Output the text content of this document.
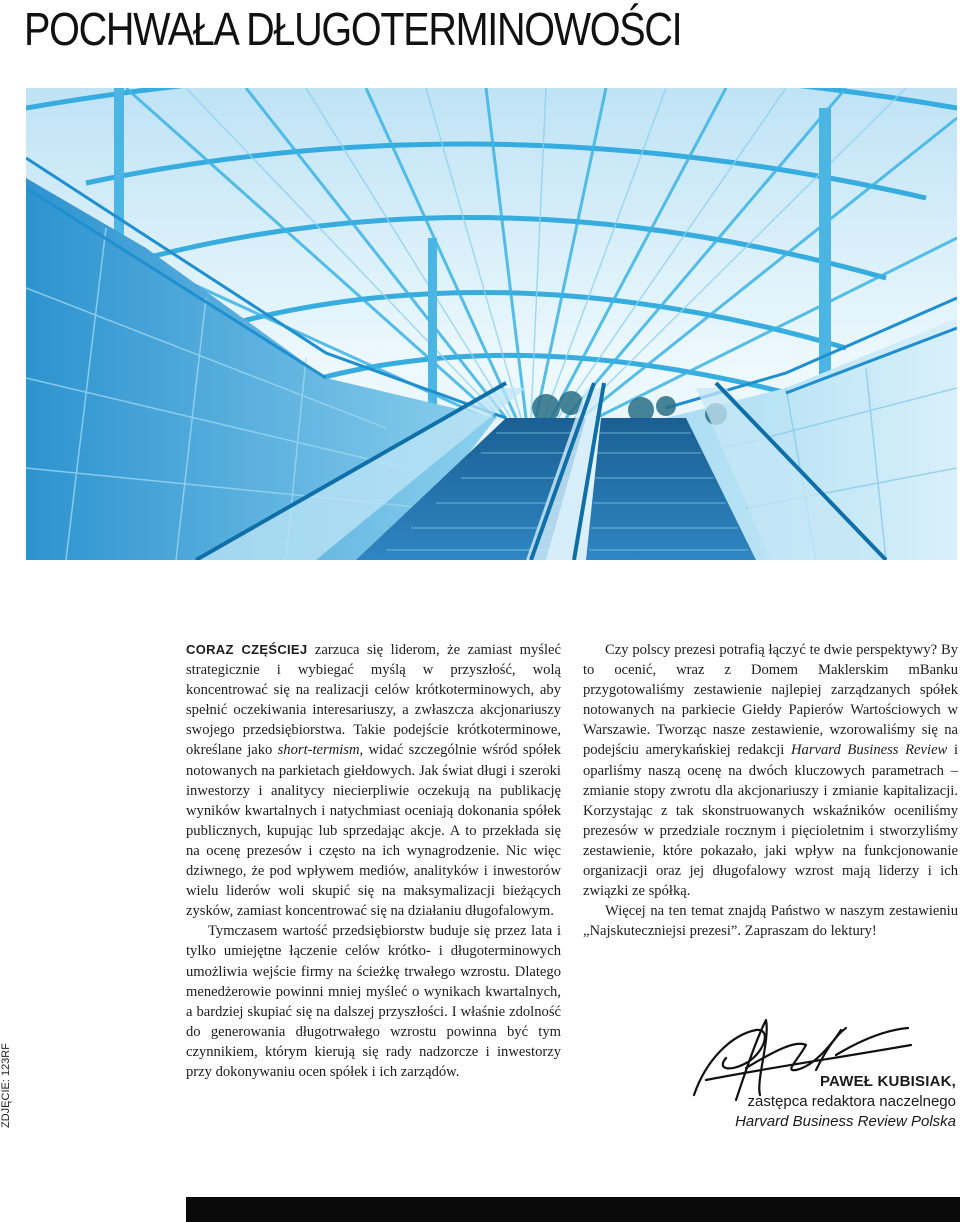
POCHWAŁA DŁUGOTERMINOWOŚCI
ZDJĘCIE: 123RF

CORAZ CZĘŚCIEJ zarzuca się liderom, że zamiast myśleć strategicznie i wybiegać myślą w przyszłość, wolą koncentrować się na realizacji celów krótkoterminowych, aby spełnić oczekiwania interesariuszy, a zwłaszcza akcjonariuszy swojego przedsiębiorstwa. Takie podejście krótkoterminowe, określane jako short-termism, widać szczególnie wśród spółek notowanych na parkietach giełdowych. Jak świat długi i szeroki inwestorzy i analitycy niecierpliwie oczekują na publikację wyników kwartalnych i natychmiast oceniają dokonania spółek publicznych, kupując lub sprzedając akcje. A to przekłada się na ocenę prezesów i często na ich wynagrodzenie. Nic więc dziwnego, że pod wpływem mediów, analityków i inwestorów wielu liderów woli skupić się na maksymalizacji bieżących zysków, zamiast koncentrować się na działaniu długofalowym.

Tymczasem wartość przedsiębiorstw buduje się przez lata i tylko umiejętne łączenie celów krótko- i długoterminowych umożliwia wejście firmy na ścieżkę trwałego wzrostu. Dlatego menedżerowie powinni mniej myśleć o wynikach kwartalnych, a bardziej skupiać się na dalszej przyszłości. I właśnie zdolność do generowania długotrwałego wzrostu powinna być tym czynnikiem, którym kierują się rady nadzorcze i inwestorzy przy dokonywaniu ocen spółek i ich zarządów.

Czy polscy prezesi potrafią łączyć te dwie perspektywy? By to ocenić, wraz z Domem Maklerskim mBanku przygotowaliśmy zestawienie najlepiej zarządzanych spółek notowanych na parkiecie Giełdy Papierów Wartościowych w Warszawie. Tworząc nasze zestawienie, wzorowaliśmy się na podejściu amerykańskiej redakcji Harvard Business Review i oparliśmy naszą ocenę na dwóch kluczowych parametrach – zmianie stopy zwrotu dla akcjonariuszy i zmianie kapitalizacji. Korzystając z tak skonstruowanych wskaźników oceniliśmy prezesów w przedziale rocznym i pięcioletnim i stworzyliśmy zestawienie, które pokazało, jaki wpływ na funkcjonowanie organizacji oraz jej długofalowy wzrost mają liderzy i ich związki ze spółką.

Więcej na ten temat znajdą Państwo w naszym zestawieniu „Najskuteczniejsi prezesi”. Zapraszam do lektury!

PAWEŁ KUBISIAK,
zastępca redaktora naczelnego
Harvard Business Review Polska
